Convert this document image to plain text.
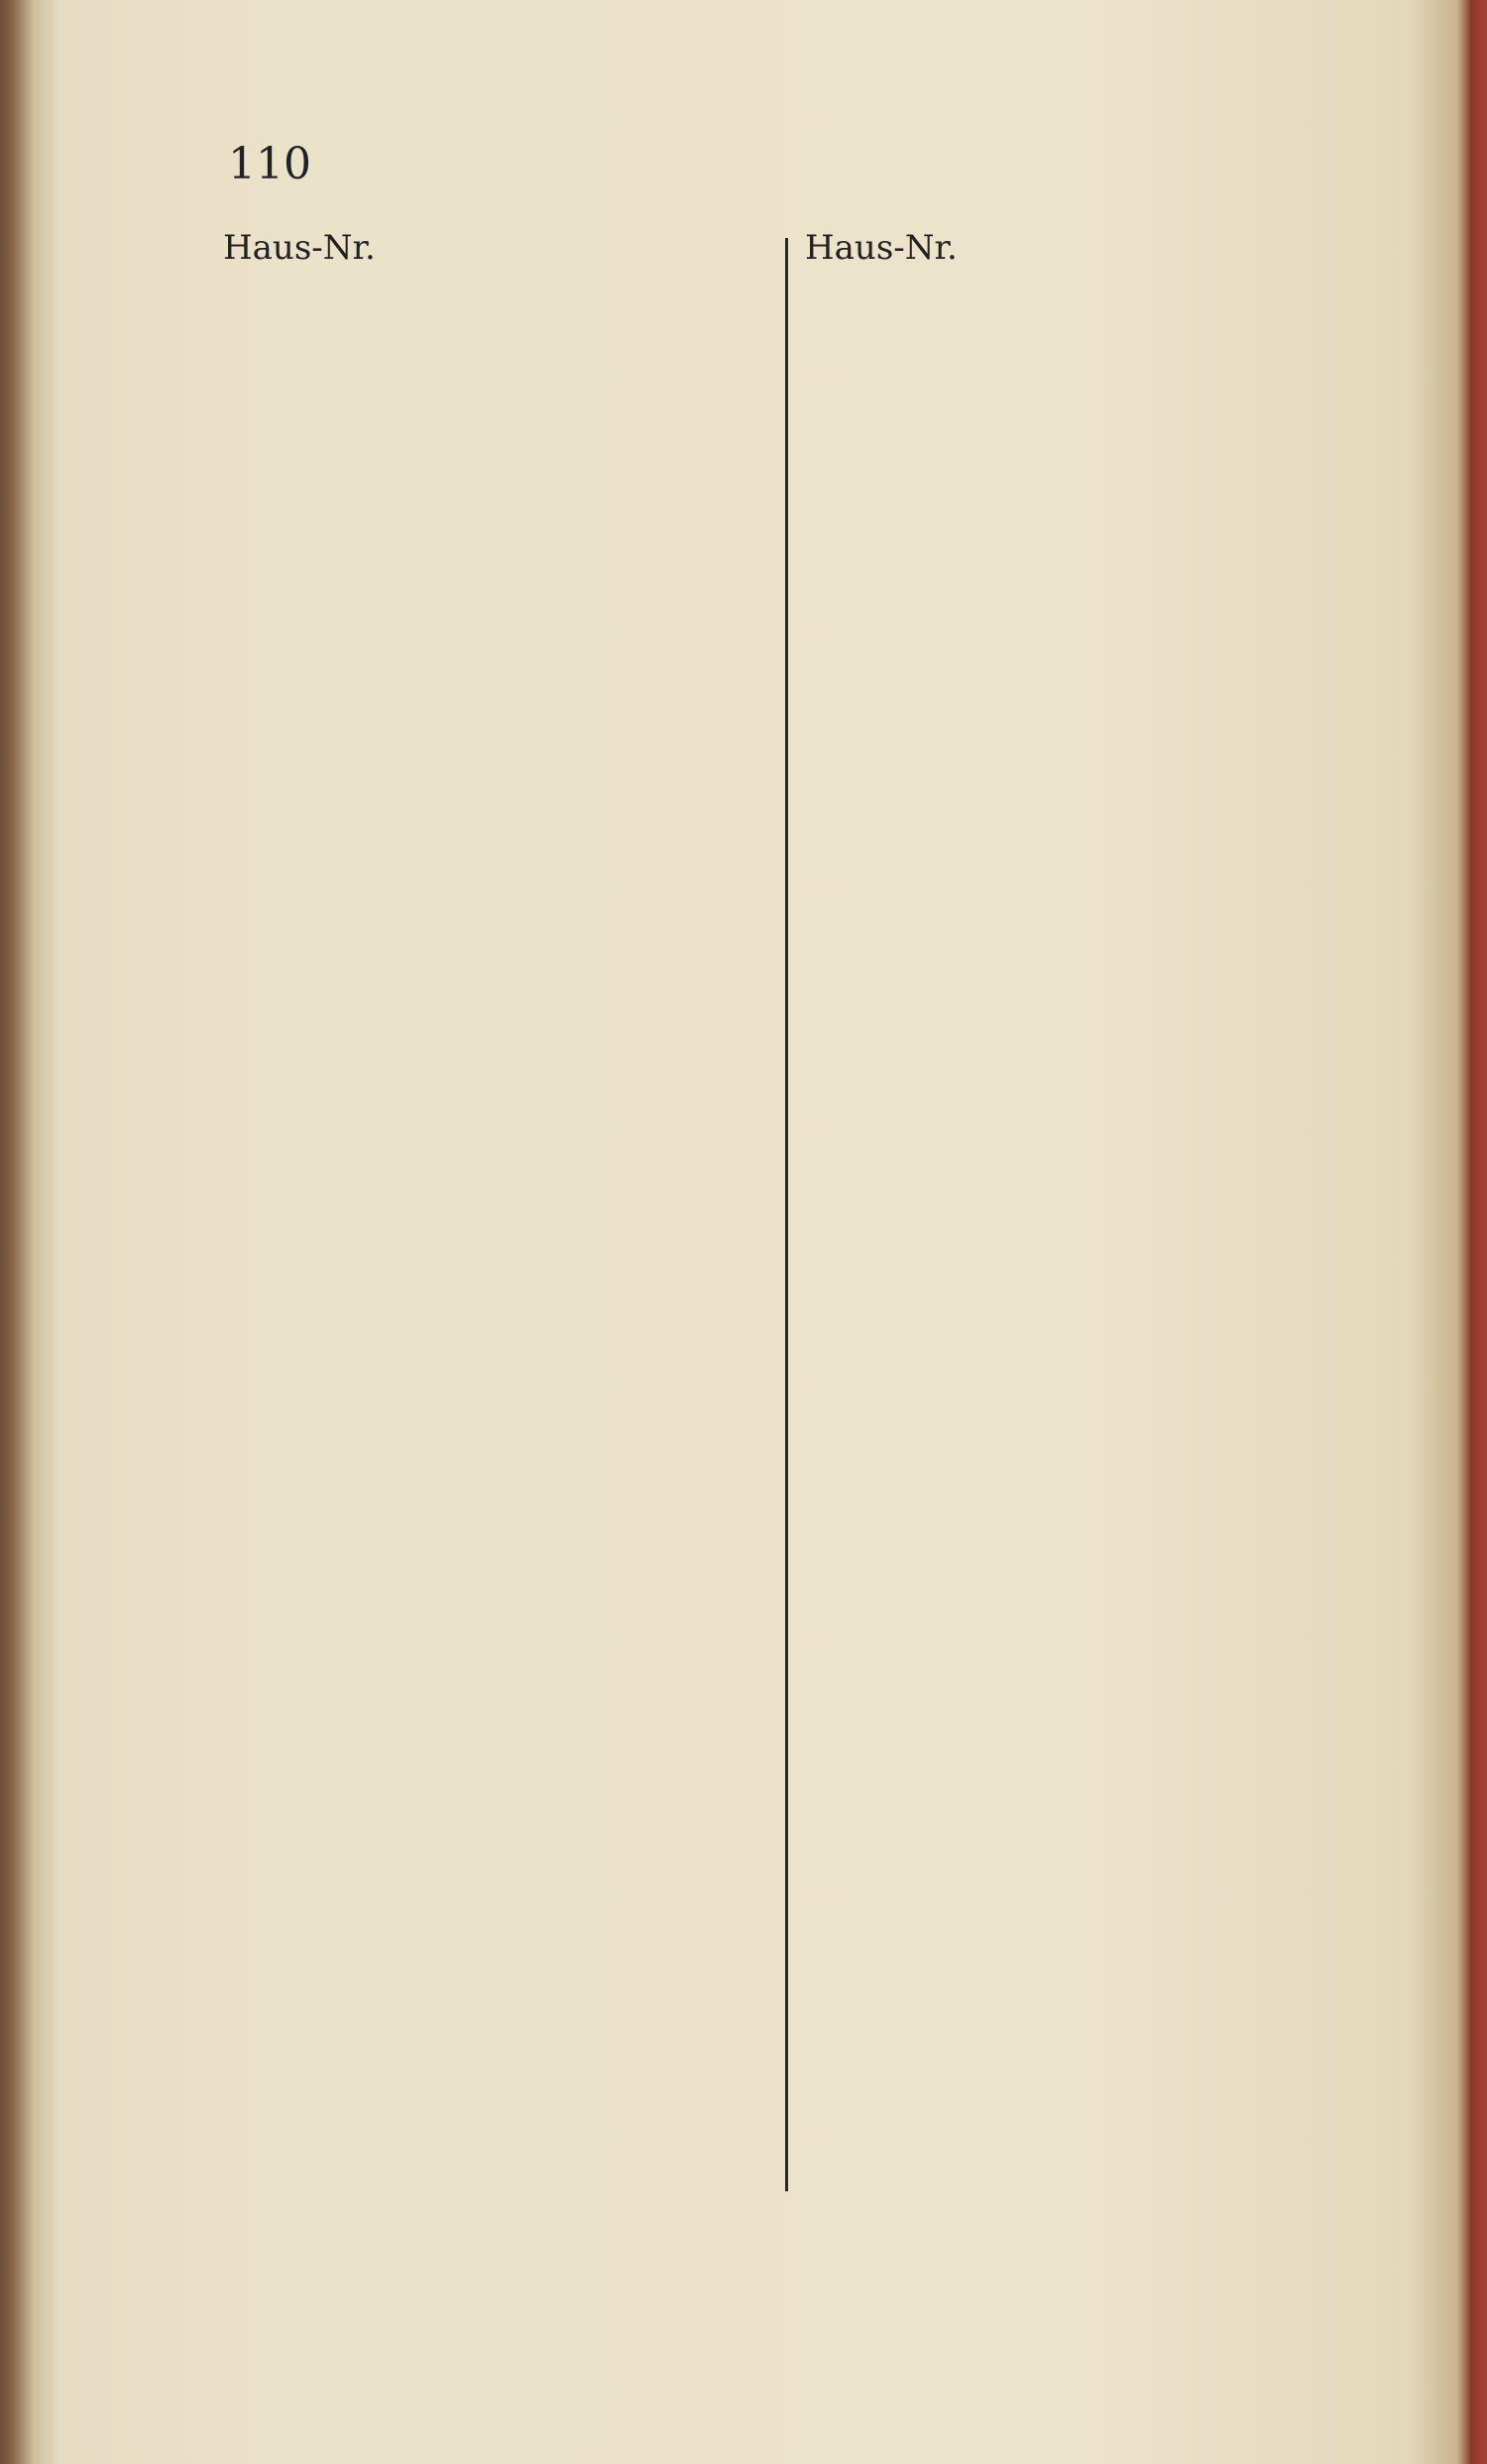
110
Haus-Nr.	Haus-Nr.
